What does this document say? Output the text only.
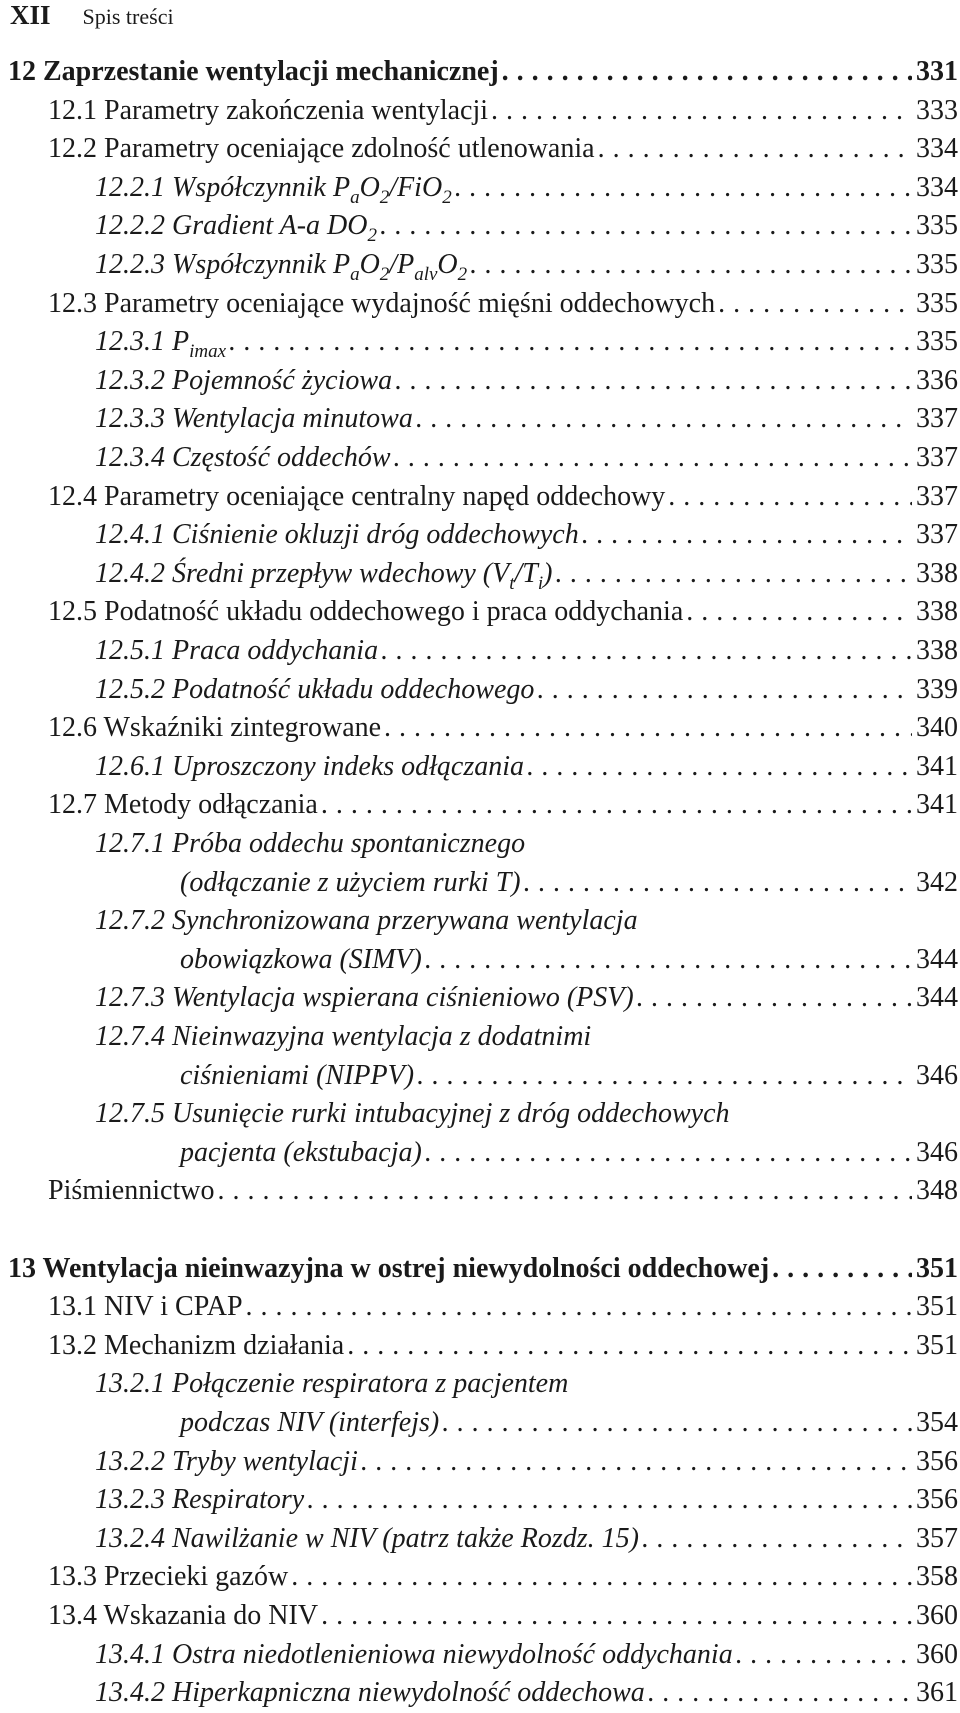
XII Spis treści
12 Zaprzestanie wentylacji mechanicznej . . .	331
12.1 Parametry zakończenia wentylacji . . .	333
12.2 Parametry oceniające zdolność utlenowania . . .	334
12.2.1 Współczynnik $P_aO_2/FiO_2$ . . .	334
12.2.2 Gradient A-a $DO_2$ . . .	335
12.2.3 Współczynnik $P_aO_2/P_{alv}O_2$ . . .	335
12.3 Parametry oceniające wydajność mięśni oddechowych . . .	335
12.3.1 $P_{imax}$ . . .	335
12.3.2 Pojemność życiowa . . .	336
12.3.3 Wentylacja minutowa . . .	337
12.3.4 Częstość oddechów . . .	337
12.4 Parametry oceniające centralny napęd oddechowy . . .	337
12.4.1 Ciśnienie okluzji dróg oddechowych . . .	337
12.4.2 Średni przepływ wdechowy $(V_t/T_i)$ . . .	338
12.5 Podatność układu oddechowego i praca oddychania . . .	338
12.5.1 Praca oddychania . . .	338
12.5.2 Podatność układu oddechowego . . .	339
12.6 Wskaźniki zintegrowane . . .	340
12.6.1 Uproszczony indeks odłączania . . .	341
12.7 Metody odłączania . . .	341
12.7.1 Próba oddechu spontanicznego
(odłączanie z użyciem rurki T) . . .	342
12.7.2 Synchronizowana przerywana wentylacja
obowiązkowa (SIMV) . . .	344
12.7.3 Wentylacja wspierana ciśnieniowo (PSV) . . .	344
12.7.4 Nieinwazyjna wentylacja z dodatnimi
ciśnieniami (NIPPV) . . .	346
12.7.5 Usunięcie rurki intubacyjnej z dróg oddechowych
pacjenta (ekstubacja) . . .	346
Piśmiennictwo . . .	348
13 Wentylacja nieinwazyjna w ostrej niewydolności oddechowej . . .	351
13.1 NIV i CPAP . . .	351
13.2 Mechanizm działania . . .	351
13.2.1 Połączenie respiratora z pacjentem
podczas NIV (interfejs) . . .	354
13.2.2 Tryby wentylacji . . .	356
13.2.3 Respiratory . . .	356
13.2.4 Nawilżanie w NIV (patrz także Rozdz. 15) . . .	357
13.3 Przecieki gazów . . .	358
13.4 Wskazania do NIV . . .	360
13.4.1 Ostra niedotlenieniowa niewydolność oddychania . . .	360
13.4.2 Hiperkapniczna niewydolność oddechowa . . .	361
